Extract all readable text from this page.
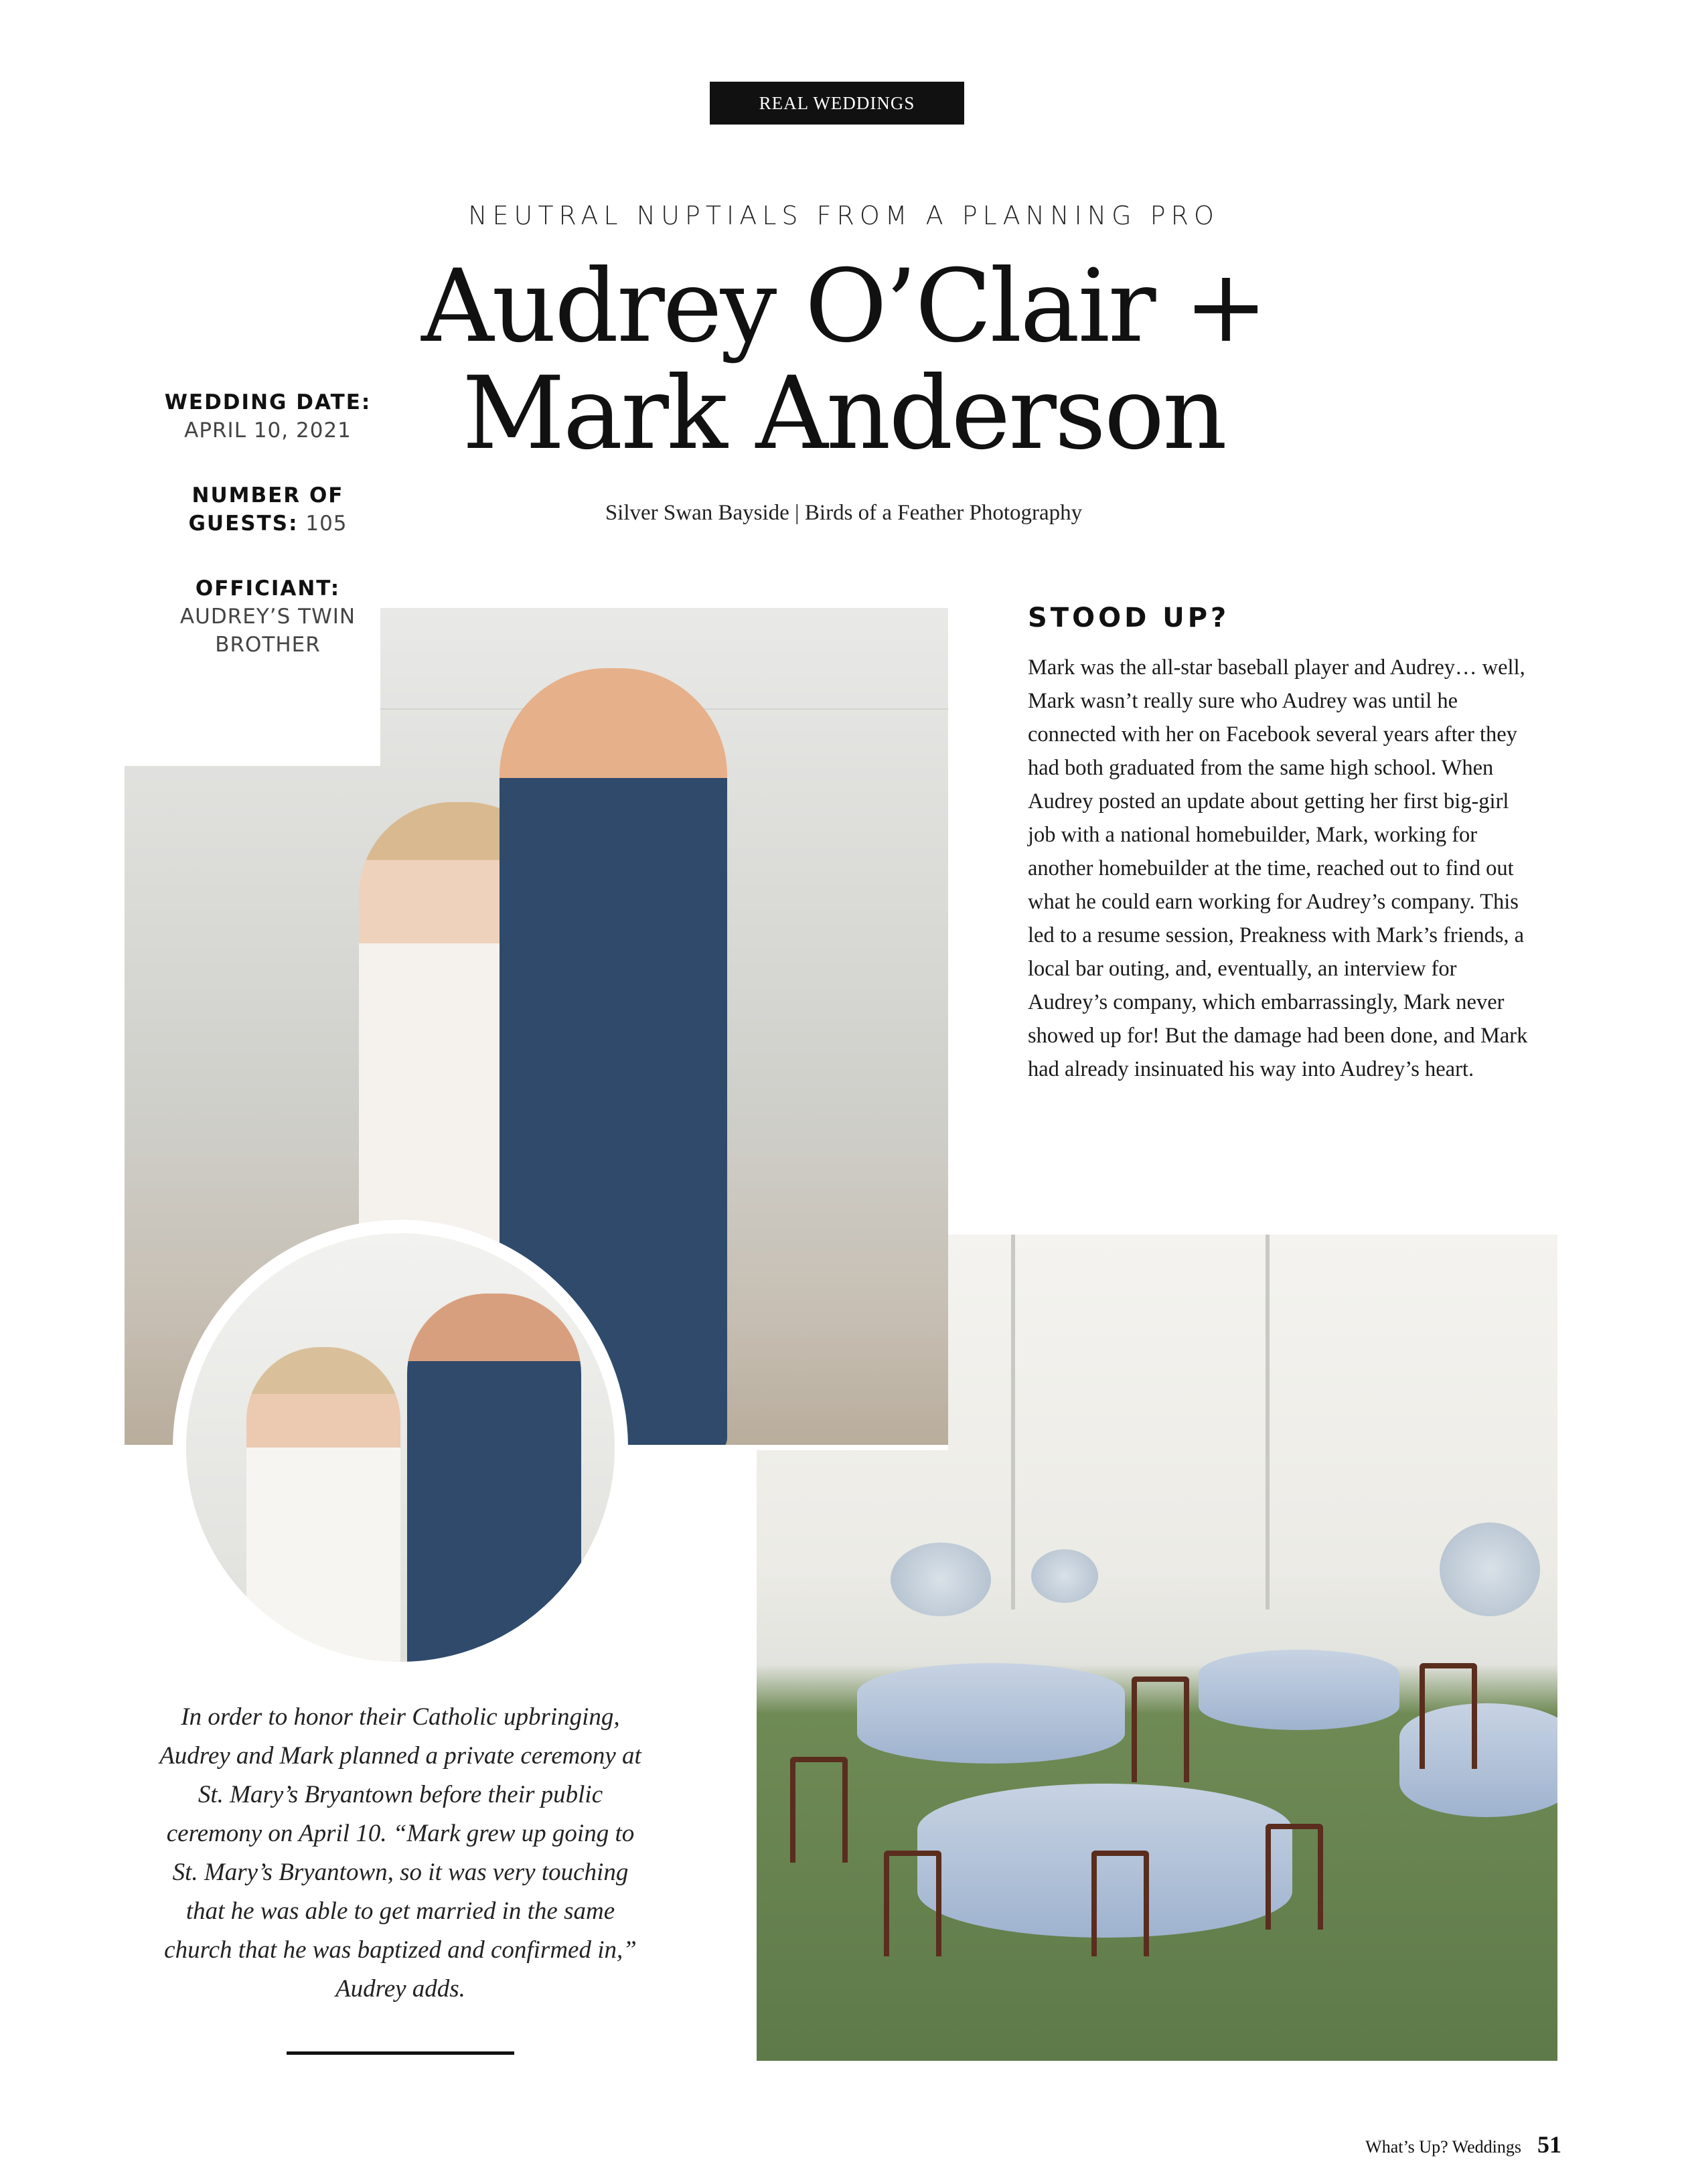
REAL WEDDINGS
NEUTRAL NUPTIALS FROM A PLANNING PRO
Audrey O’Clair +
Mark Anderson
Silver Swan Bayside | Birds of a Feather Photography
WEDDING DATE: APRIL 10, 2021
NUMBER OF GUESTS: 105
OFFICIANT:
AUDREY’S TWIN BROTHER
STOOD UP?
Mark was the all-star baseball player and Audrey… well, Mark wasn’t really sure who Audrey was until he connected with her on Facebook several years after they had both graduated from the same high school. When Audrey posted an update about getting her first big-girl job with a national homebuilder, Mark, working for another homebuilder at the time, reached out to find out what he could earn working for Audrey’s company. This led to a resume session, Preakness with Mark’s friends, a local bar outing, and, eventually, an interview for Audrey’s company, which embarrassingly, Mark never showed up for! But the damage had been done, and Mark had already insinuated his way into Audrey’s heart.
In order to honor their Catholic upbringing, Audrey and Mark planned a private ceremony at St. Mary’s Bryantown before their public ceremony on April 10. “Mark grew up going to St. Mary’s Bryantown, so it was very touching that he was able to get married in the same church that he was baptized and confirmed in,” Audrey adds.
What’s Up? Weddings 51
